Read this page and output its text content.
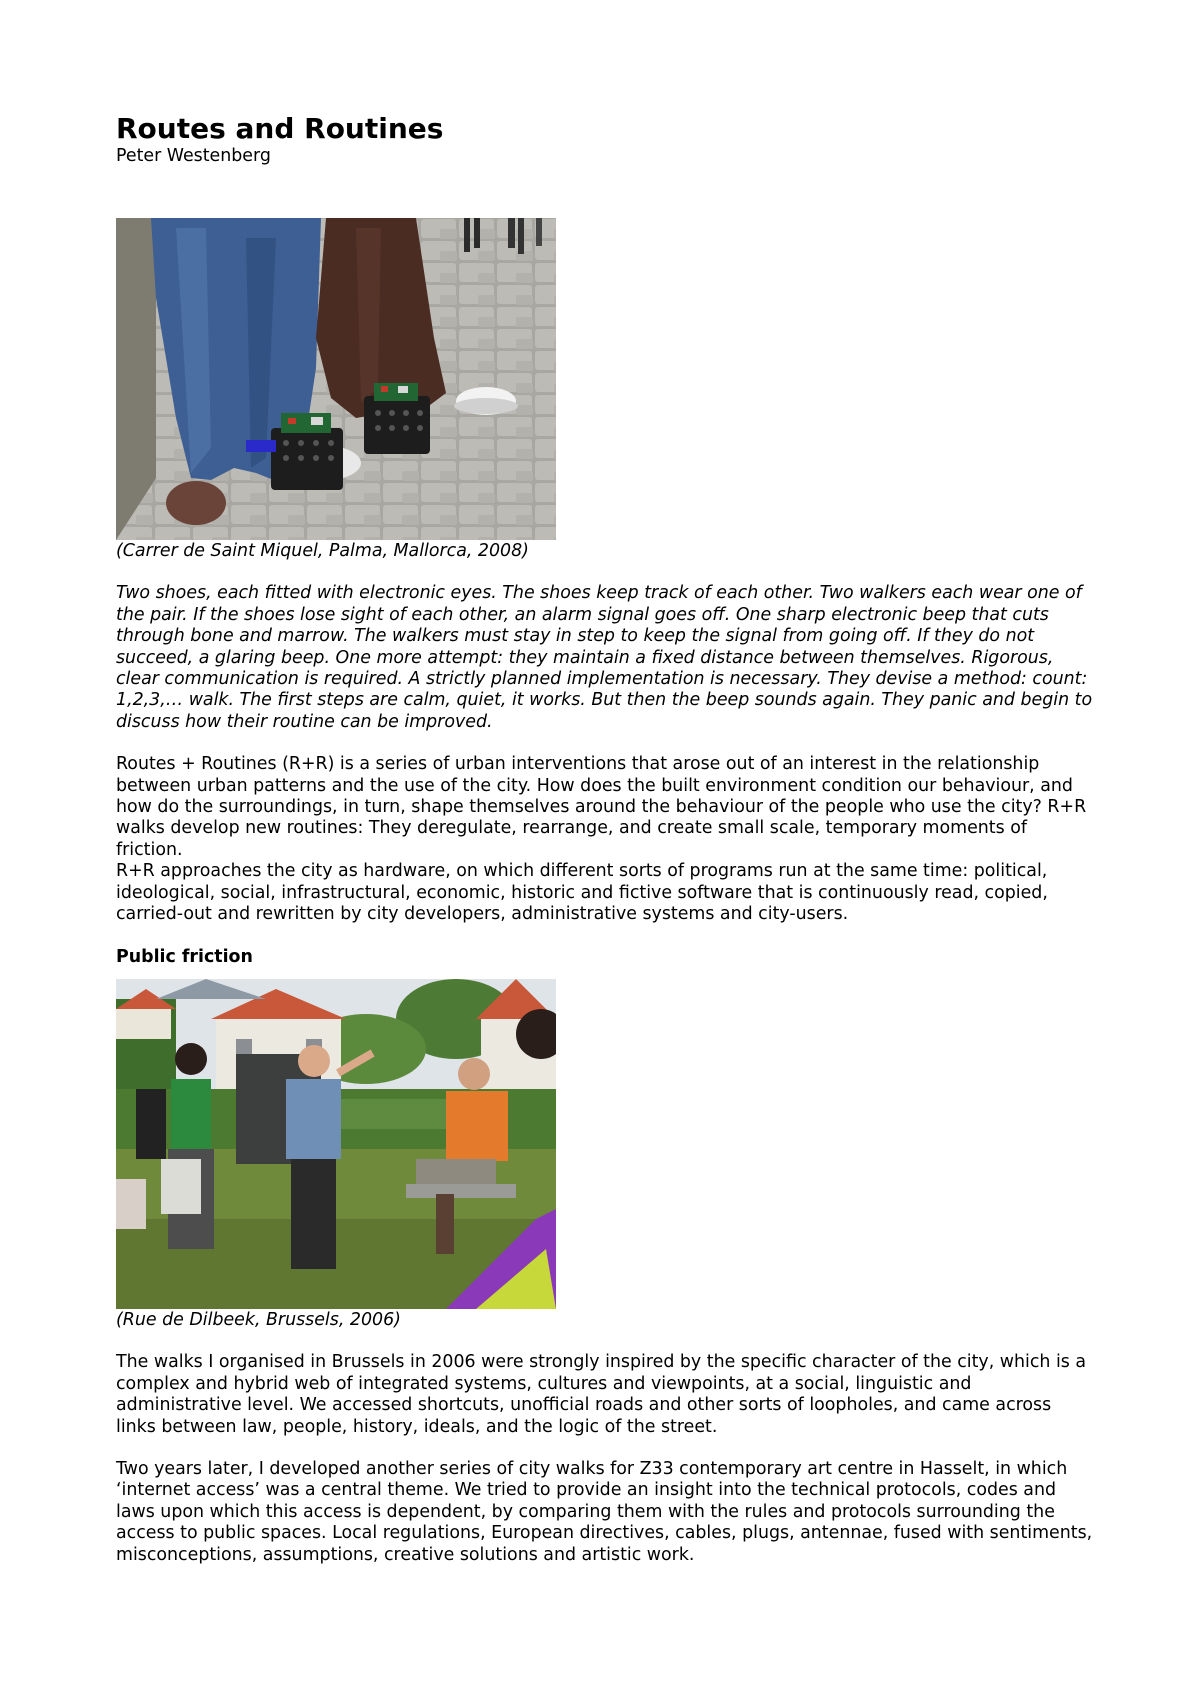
Routes and Routines

Peter Westenberg

(Carrer de Saint Miquel, Palma, Mallorca, 2008)

Two shoes, each fitted with electronic eyes. The shoes keep track of each other. Two walkers each wear one of the pair. If the shoes lose sight of each other, an alarm signal goes off. One sharp electronic beep that cuts through bone and marrow. The walkers must stay in step to keep the signal from going off. If they do not succeed, a glaring beep. One more attempt: they maintain a fixed distance between themselves. Rigorous, clear communication is required. A strictly planned implementation is necessary. They devise a method: count: 1,2,3,… walk. The first steps are calm, quiet, it works. But then the beep sounds again. They panic and begin to discuss how their routine can be improved.

Routes + Routines (R+R) is a series of urban interventions that arose out of an interest in the relationship between urban patterns and the use of the city. How does the built environment condition our behaviour, and how do the surroundings, in turn, shape themselves around the behaviour of the people who use the city? R+R walks develop new routines: They deregulate, rearrange, and create small scale, temporary moments of friction.

R+R approaches the city as hardware, on which different sorts of programs run at the same time: political, ideological, social, infrastructural, economic, historic and fictive software that is continuously read, copied, carried-out and rewritten by city developers, administrative systems and city-users.

Public friction

(Rue de Dilbeek, Brussels, 2006)

The walks I organised in Brussels in 2006 were strongly inspired by the specific character of the city, which is a complex and hybrid web of integrated systems, cultures and viewpoints, at a social, linguistic and administrative level. We accessed shortcuts, unofficial roads and other sorts of loopholes, and came across links between law, people, history, ideals, and the logic of the street.

Two years later, I developed another series of city walks for Z33 contemporary art centre in Hasselt, in which ‘internet access’ was a central theme. We tried to provide an insight into the technical protocols, codes and laws upon which this access is dependent, by comparing them with the rules and protocols surrounding the access to public spaces. Local regulations, European directives, cables, plugs, antennae, fused with sentiments, misconceptions, assumptions, creative solutions and artistic work.
